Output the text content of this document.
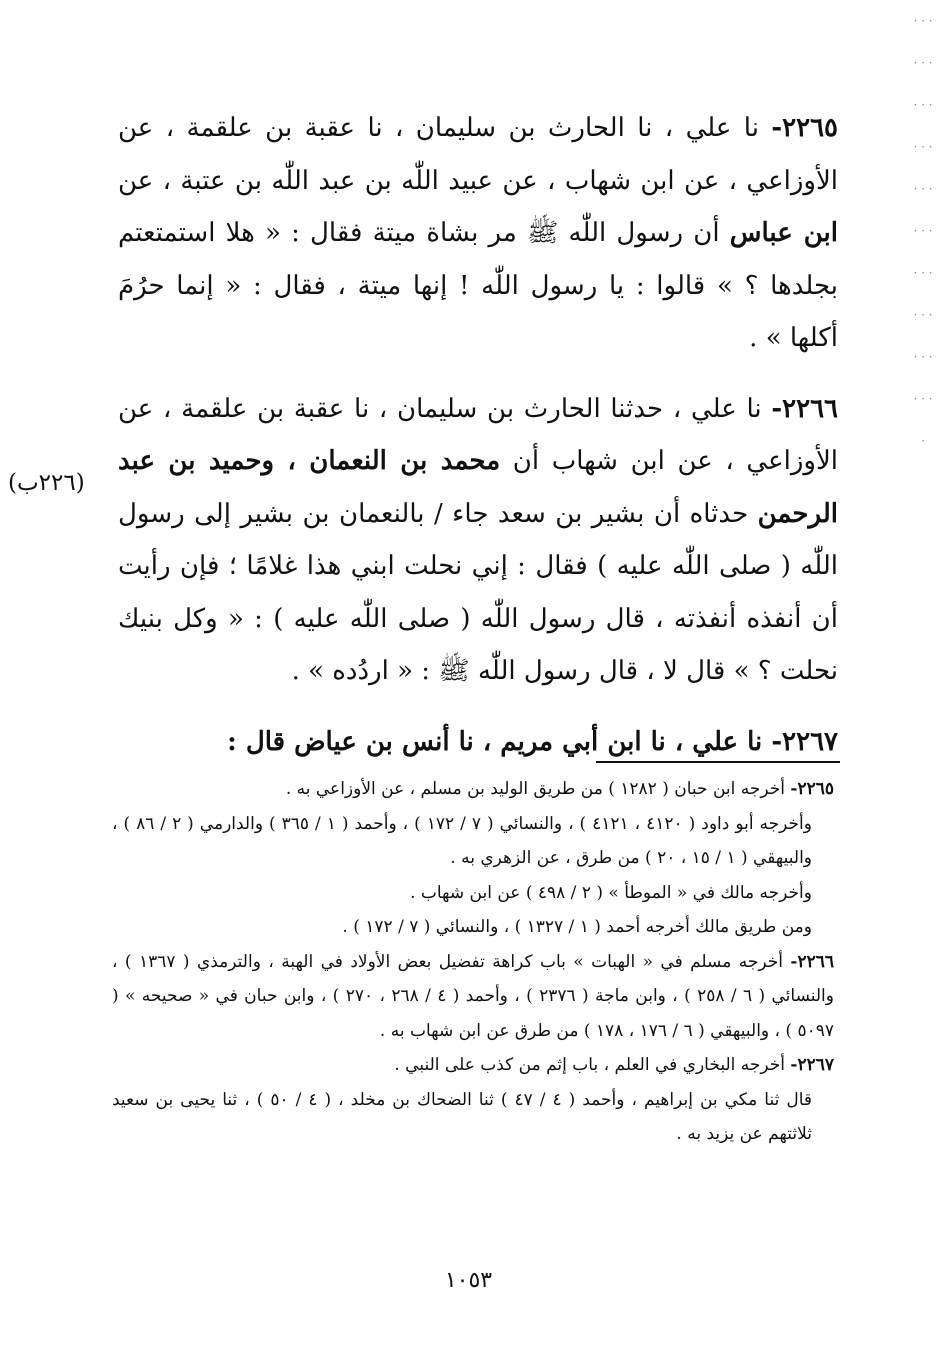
٢٢٦٥- نا علي ، نا الحارث بن سليمان ، نا عقبة بن علقمة ، عن الأوزاعي ، عن ابن شهاب ، عن عبيد اللّٰه بن عبد اللّٰه بن عتبة ، عن ابن عباس أن رسول اللّٰه ﷺ مر بشاة ميتة فقال : « هلا استمتعتم بجلدها ؟ » قالوا : يا رسول اللّٰه ! إنها ميتة ، فقال : « إنما حرُمَ أكلها » .

٢٢٦٦- نا علي ، حدثنا الحارث بن سليمان ، نا عقبة بن علقمة ، عن الأوزاعي ، عن ابن شهاب أن محمد بن النعمان ، وحميد بن عبد الرحمن حدثاه أن بشير بن سعد جاء / بالنعمان بن بشير إلى رسول اللّٰه ( صلى اللّٰه عليه ) فقال : إني نحلت ابني هذا غلامًا ؛ فإن رأيت أن أنفذه أنفذته ، قال رسول اللّٰه ( صلى اللّٰه عليه ) : « وكل بنيك نحلت ؟ » قال لا ، قال رسول اللّٰه ﷺ : « اردُده » .

٢٢٦٧- نا علي ، نا ابن أبي مريم ، نا أنس بن عياض قال :

(٢٢٦ب)

٢٢٦٥- أخرجه ابن حبان ( ١٢٨٢ ) من طريق الوليد بن مسلم ، عن الأوزاعي به .

وأخرجه أبو داود ( ٤١٢٠ ، ٤١٢١ ) ، والنسائي ( ٧ / ١٧٢ ) ، وأحمد ( ١ / ٣٦٥ ) والدارمي ( ٢ / ٨٦ ) ، والبيهقي ( ١ / ١٥ ، ٢٠ ) من طرق ، عن الزهري به .

وأخرجه مالك في « الموطأ » ( ٢ / ٤٩٨ ) عن ابن شهاب .

ومن طريق مالك أخرجه أحمد ( ١ / ١٣٢٧ ) ، والنسائي ( ٧ / ١٧٢ ) .

٢٢٦٦- أخرجه مسلم في « الهبات » باب كراهة تفضيل بعض الأولاد في الهبة ، والترمذي ( ١٣٦٧ ) ، والنسائي ( ٦ / ٢٥٨ ) ، وابن ماجة ( ٢٣٧٦ ) ، وأحمد ( ٤ / ٢٦٨ ، ٢٧٠ ) ، وابن حبان في « صحيحه » ( ٥٠٩٧ ) ، والبيهقي ( ٦ / ١٧٦ ، ١٧٨ ) من طرق عن ابن شهاب به .

٢٢٦٧- أخرجه البخاري في العلم ، باب إثم من كذب على النبي .

قال ثنا مكي بن إبراهيم ، وأحمد ( ٤ / ٤٧ ) ثنا الضحاك بن مخلد ، ( ٤ / ٥٠ ) ، ثنا يحيى بن سعيد ثلاثتهم عن يزيد به .

١٠٥٣
· · · · · · · · · · · · · · · · · · · · · · · · · · · · · · ·
